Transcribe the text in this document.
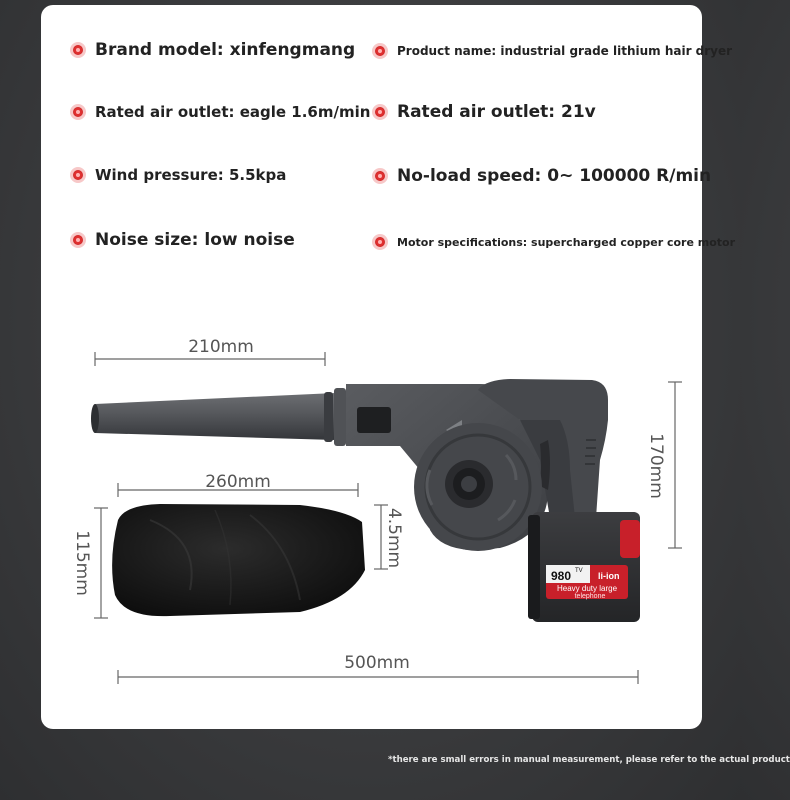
Brand model: xinfengmang	Product name: industrial grade lithium hair dryer
Rated air outlet: eagle 1.6m/min Rated air outlet: 21v
Wind pressure: 5.5kpa	No-load speed: 0~ 100000 R/min
Noise size: low noise	Motor specifications: supercharged copper core motor
210mm
980 TV li-ion
Heavy duty large
telephone
170mm
260mm
115mm	4.5mm
500mm
*there are small errors in manual measurement, please refer to the actual product
